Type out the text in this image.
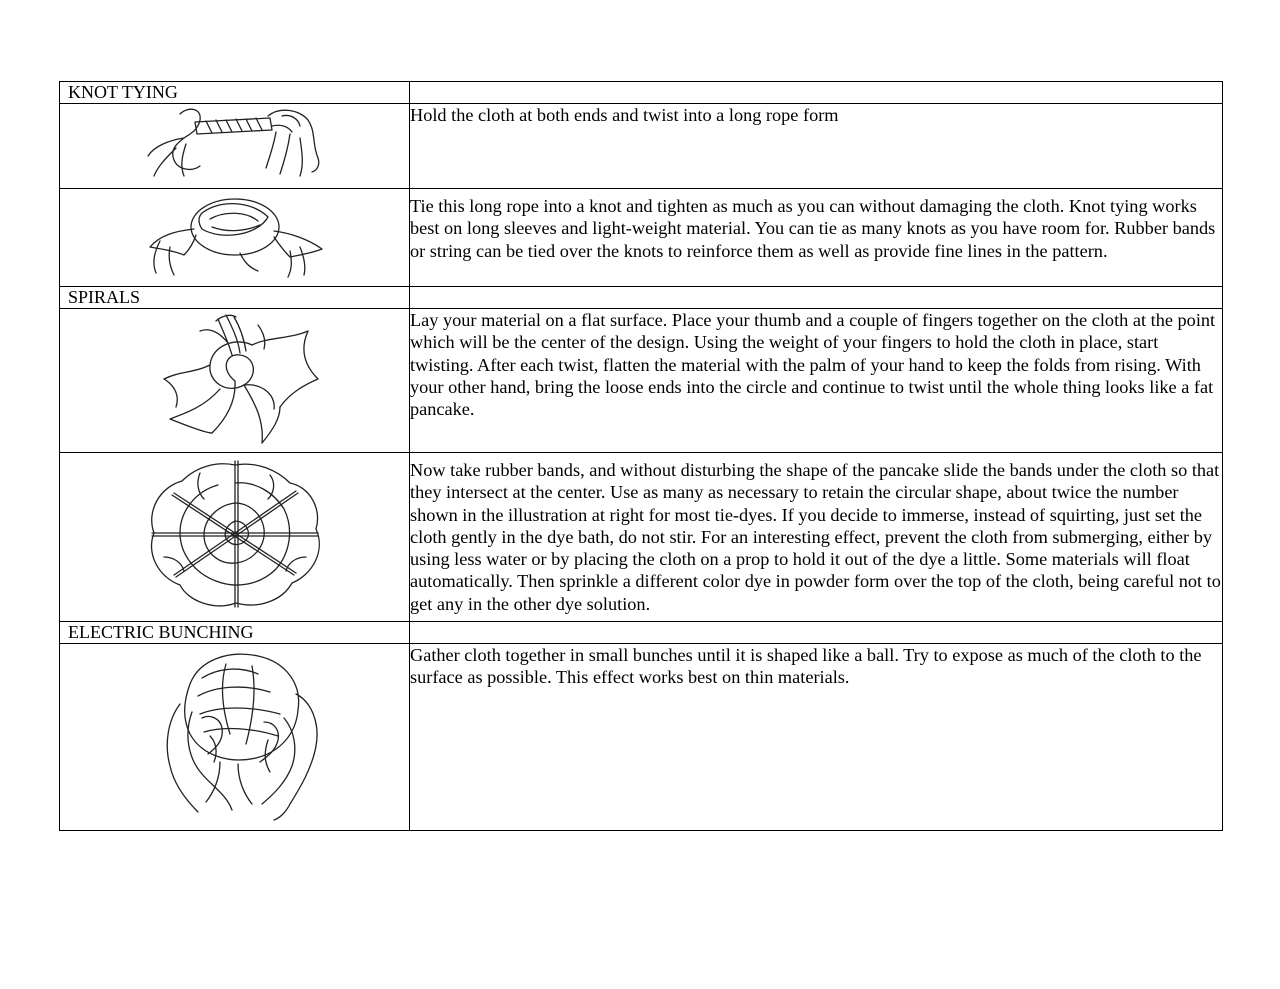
KNOT TYING	

	Hold the cloth at both ends and twist into a long rope form

	Tie this long rope into a knot and tighten as much as you can without damaging the cloth. Knot tying works best on long sleeves and light-weight material. You can tie as many knots as you have room for. Rubber bands or string can be tied over the knots to reinforce them as well as provide fine lines in the pattern.
SPIRALS	

	Lay your material on a flat surface. Place your thumb and a couple of fingers together on the cloth at the point which will be the center of the design. Using the weight of your fingers to hold the cloth in place, start twisting. After each twist, flatten the material with the palm of your hand to keep the folds from rising. With your other hand, bring the loose ends into the circle and continue to twist until the whole thing looks like a fat pancake.

	Now take rubber bands, and without disturbing the shape of the pancake slide the bands under the cloth so that they intersect at the center. Use as many as necessary to retain the circular shape, about twice the number shown in the illustration at right for most tie-dyes. If you decide to immerse, instead of squirting, just set the cloth gently in the dye bath, do not stir. For an interesting effect, prevent the cloth from submerging, either by using less water or by placing the cloth on a prop to hold it out of the dye a little. Some materials will float automatically. Then sprinkle a different color dye in powder form over the top of the cloth, being careful not to get any in the other dye solution.
ELECTRIC BUNCHING	

	Gather cloth together in small bunches until it is shaped like a ball. Try to expose as much of the cloth to the surface as possible. This effect works best on thin materials.
